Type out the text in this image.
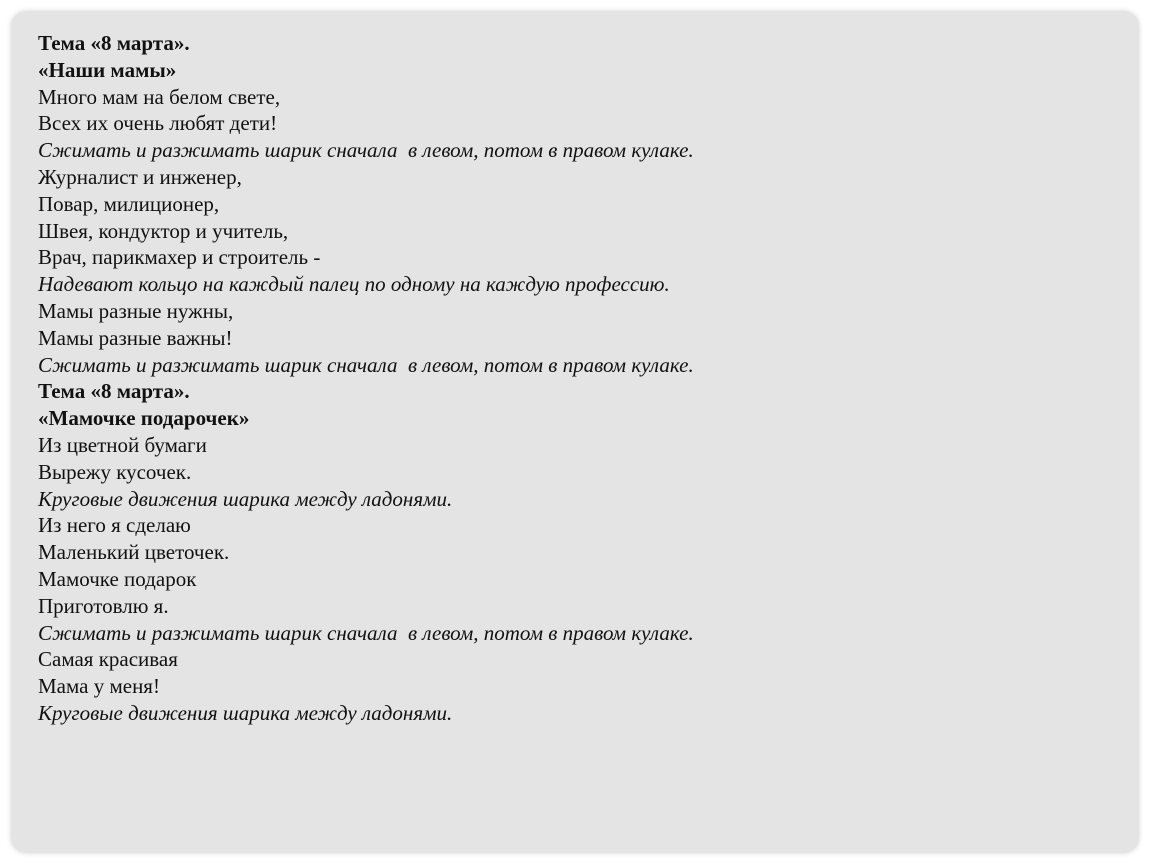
Тема «8 марта».
«Наши мамы»
Много мам на белом свете,
Всех их очень любят дети!
Сжимать и разжимать шарик сначала  в левом, потом в правом кулаке.
Журналист и инженер,
Повар, милиционер,
Швея, кондуктор и учитель,
Врач, парикмахер и строитель -
Надевают кольцо на каждый палец по одному на каждую профессию.
Мамы разные нужны,
Мамы разные важны!
Сжимать и разжимать шарик сначала  в левом, потом в правом кулаке.
Тема «8 марта».
«Мамочке подарочек»
Из цветной бумаги
Вырежу кусочек.
Круговые движения шарика между ладонями.
Из него я сделаю
Маленький цветочек.
Мамочке подарок
Приготовлю я.
Сжимать и разжимать шарик сначала  в левом, потом в правом кулаке.
Самая красивая
Мама у меня!
Круговые движения шарика между ладонями.
